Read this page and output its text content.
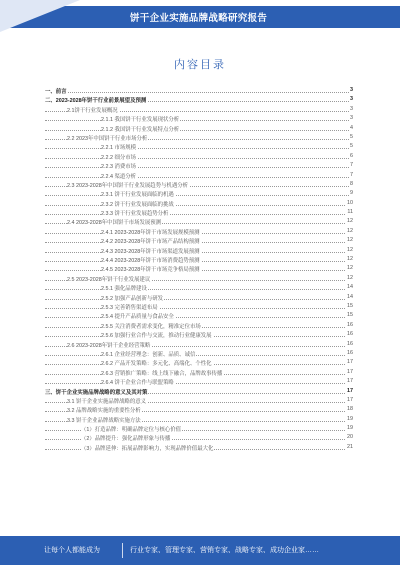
饼干企业实施品牌战略研究报告
内容目录
一、前言	3
二、2023-2028年饼干行业前景展望及预测	3
2.1饼干行业发展概况	3
2.1.1 我国饼干行业发展现状分析	3
2.1.2 我国饼干行业发展特点分析	4
2.2 2023年中国饼干行业市场分析	5
2.2.1 市场规模	5
2.2.2 细分市场	6
2.2.3 消费市场	7
2.2.4 渠道分析	7
2.3 2023-2028年中国饼干行业发展趋势与机遇分析	8
2.3.1 饼干行业发展面临的机遇	9
2.3.2 饼干行业发展面临的挑战	10
2.3.3 饼干行业发展趋势分析	11
2.4 2023-2028年中国饼干市场发展预测	12
2.4.1 2023-2028年饼干市场发展规模预测	12
2.4.2 2023-2028年饼干市场产品结构预测	12
2.4.3 2023-2028年饼干市场渠道发展预测	12
2.4.4 2023-2028年饼干市场消费趋势预测	12
2.4.5 2023-2028年饼干市场竞争格局预测	12
2.5 2023-2028年饼干行业发展建议	12
2.5.1 强化品牌建设	14
2.5.2 加强产品创新与研发	14
2.5.3 完善销售渠道布局	15
2.5.4 提升产品质量与食品安全	15
2.5.5 关注消费者需求变化，精准定位市场	16
2.5.6 加强行业合作与交流，推动行业健康发展	16
2.6 2023-2028年饼干企业经营策略	16
2.6.1 企业经营理念：创新、品质、诚信	16
2.6.2 产品开发策略：多元化、高端化、个性化	17
2.6.3 营销推广策略：线上线下融合，品牌故事传播	17
2.6.4 饼干企业合作与联盟策略	17
三、饼干企业实施品牌战略的意义及其对策	17
3.1 饼干企业实施品牌战略的意义	17
3.2 品牌战略实施的重要性分析	18
3.3 饼干企业品牌战略实施方法	19
（1）打造品牌：明确品牌定位与核心价值	19
（2）品牌提升：强化品牌形象与传播	20
（3）品牌延伸：拓展品牌影响力，实现品牌价值最大化	21
让每个人都能成为	行业专家、管理专家、营销专家、战略专家、成功企业家……
